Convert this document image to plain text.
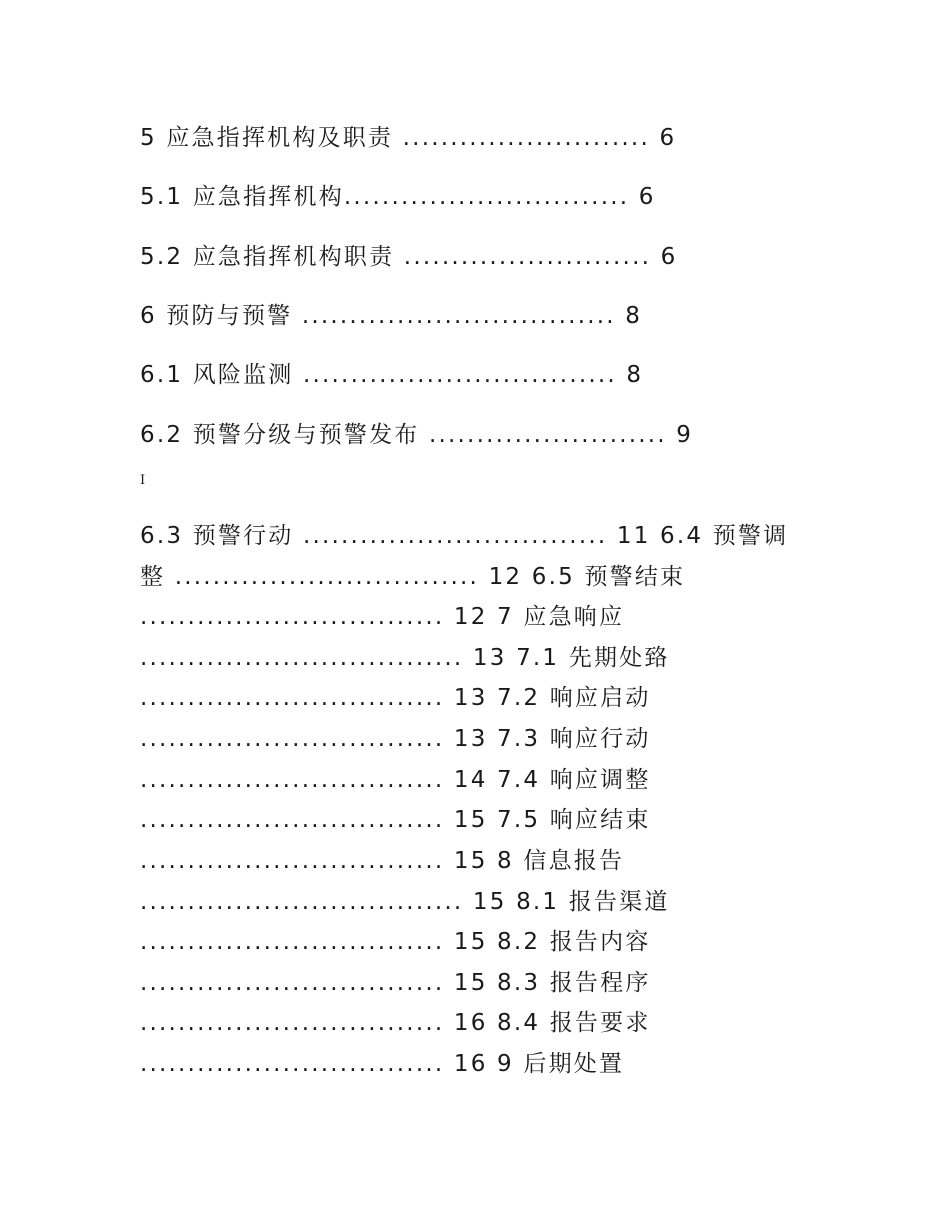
5 应急指挥机构及职责 .......................... 6
5.1 应急指挥机构.............................. 6
5.2 应急指挥机构职责 .......................... 6
6 预防与预警 ................................. 8
6.1 风险监测 ................................. 8
6.2 预警分级与预警发布 ......................... 9
I
6.3 预警行动 ................................ 11 6.4 预警调
整 ................................ 12 6.5 预警结束
................................ 12 7 应急响应
.................................. 13 7.1 先期处臵
................................ 13 7.2 响应启动
................................ 13 7.3 响应行动
................................ 14 7.4 响应调整
................................ 15 7.5 响应结束
................................ 15 8 信息报告
.................................. 15 8.1 报告渠道
................................ 15 8.2 报告内容
................................ 15 8.3 报告程序
................................ 16 8.4 报告要求
................................ 16 9 后期处置
